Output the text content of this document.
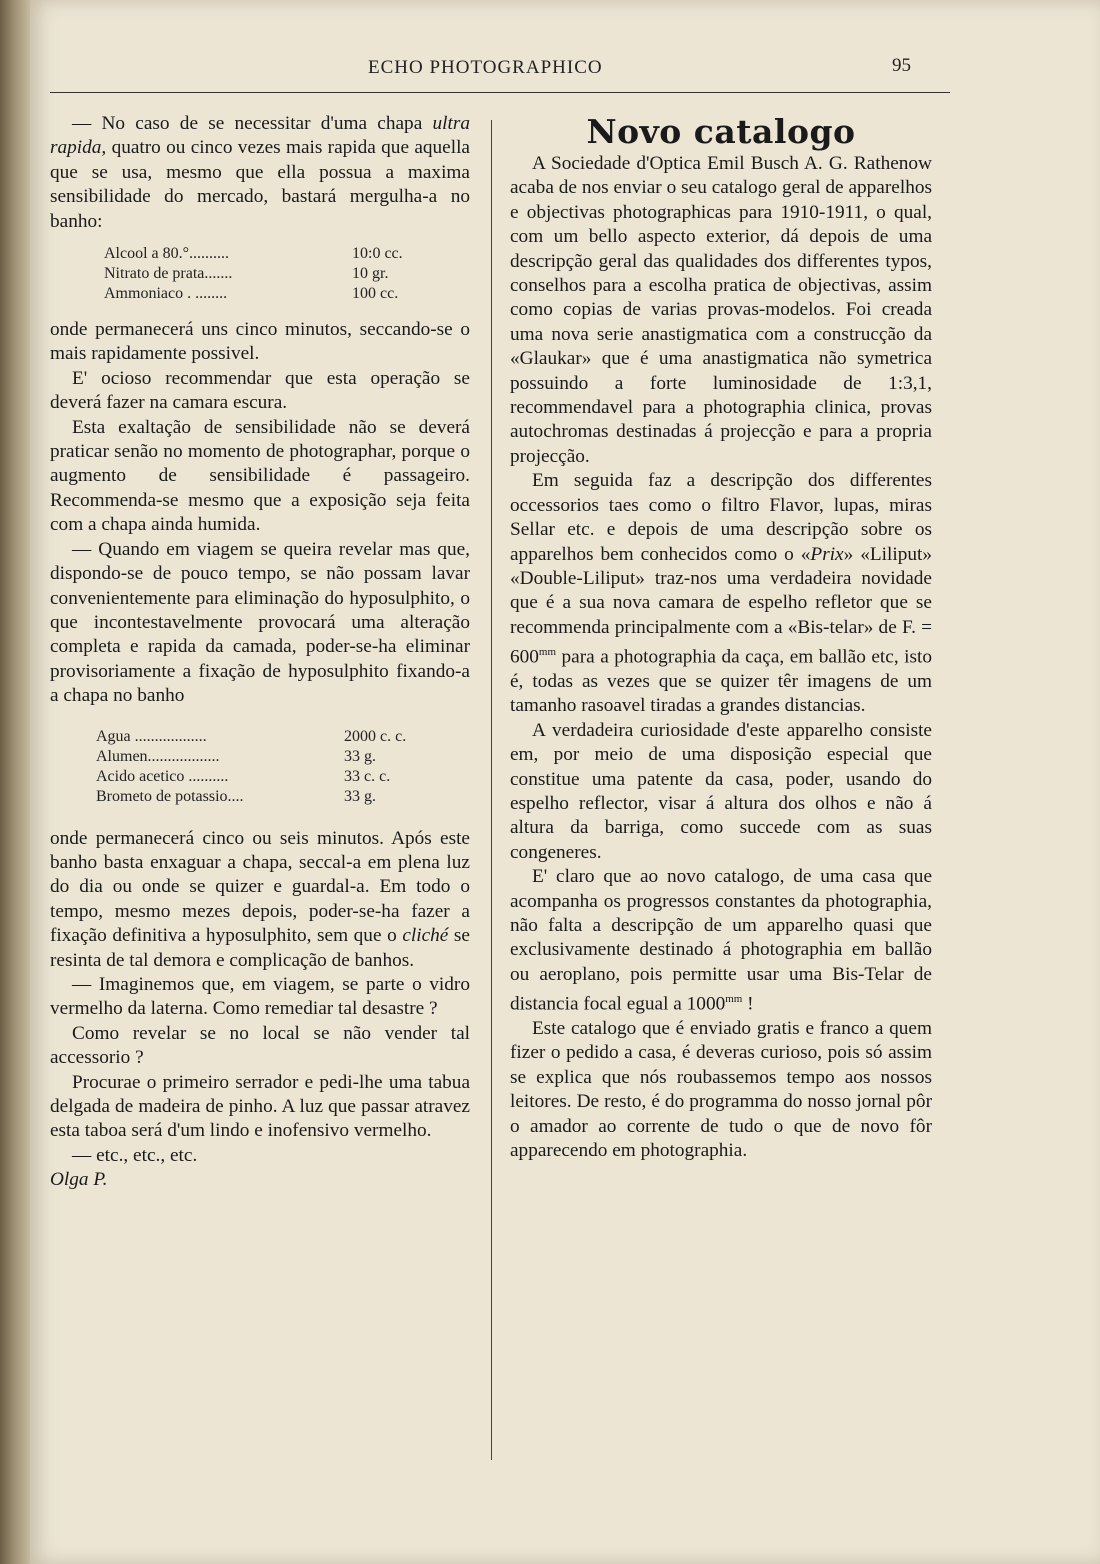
ECHO PHOTOGRAPHICO	95

— No caso de se necessitar d'uma chapa ultra rapida, quatro ou cinco vezes mais rapida que aquella que se usa, mesmo que ella possua a maxima sensibilidade do mercado, bastará mergulha-a no banho:

Alcool a 80.°..........	10:0 cc.
Nitrato de prata.......	10 gr.
Ammoniaco . ........	100 cc.

onde permanecerá uns cinco minutos, seccando-se o mais rapidamente possivel.

E' ocioso recommendar que esta operação se deverá fazer na camara escura.

Esta exaltação de sensibilidade não se deverá praticar senão no momento de photographar, porque o augmento de sensibilidade é passageiro. Recommenda-se mesmo que a exposição seja feita com a chapa ainda humida.

— Quando em viagem se queira revelar mas que, dispondo-se de pouco tempo, se não possam lavar convenientemente para eliminação do hyposulphito, o que incontestavelmente provocará uma alteração completa e rapida da camada, poder-se-ha eliminar provisoriamente a fixação de hyposulphito fixando-a a chapa no banho

Agua ..................	2000 c. c.
Alumen..................	33 g.
Acido acetico ..........	33 c. c.
Brometo de potassio....	33 g.

onde permanecerá cinco ou seis minutos. Após este banho basta enxaguar a chapa, seccal-a em plena luz do dia ou onde se quizer e guardal-a. Em todo o tempo, mesmo mezes depois, poder-se-ha fazer a fixação definitiva a hyposulphito, sem que o cliché se resinta de tal demora e complicação de banhos.

— Imaginemos que, em viagem, se parte o vidro vermelho da laterna. Como remediar tal desastre ?

Como revelar se no local se não vender tal accessorio ?

Procurae o primeiro serrador e pedi-lhe uma tabua delgada de madeira de pinho. A luz que passar atravez esta taboa será d'um lindo e inofensivo vermelho.

— etc., etc., etc.

Olga P.

Novo catalogo

A Sociedade d'Optica Emil Busch A. G. Rathenow acaba de nos enviar o seu catalogo geral de apparelhos e objectivas photographicas para 1910-1911, o qual, com um bello aspecto exterior, dá depois de uma descripção geral das qualidades dos differentes typos, conselhos para a escolha pratica de objectivas, assim como copias de varias provas-modelos. Foi creada uma nova serie anastigmatica com a construcção da «Glaukar» que é uma anastigmatica não symetrica possuindo a forte luminosidade de 1:3,1, recommendavel para a photographia clinica, provas autochromas destinadas á projecção e para a propria projecção.

Em seguida faz a descripção dos differentes occessorios taes como o filtro Flavor, lupas, miras Sellar etc. e depois de uma descripção sobre os apparelhos bem conhecidos como o «Prix» «Liliput» «Double-Liliput» traz-nos uma verdadeira novidade que é a sua nova camara de espelho refletor que se recommenda principalmente com a «Bis-telar» de F. = $600^{mm}$ para a photographia da caça, em ballão etc, isto é, todas as vezes que se quizer têr imagens de um tamanho rasoavel tiradas a grandes distancias.

A verdadeira curiosidade d'este apparelho consiste em, por meio de uma disposição especial que constitue uma patente da casa, poder, usando do espelho reflector, visar á altura dos olhos e não á altura da barriga, como succede com as suas congeneres.

E' claro que ao novo catalogo, de uma casa que acompanha os progressos constantes da photographia, não falta a descripção de um apparelho quasi que exclusivamente destinado á photographia em ballão ou aeroplano, pois permitte usar uma Bis-Telar de distancia focal egual a $1000^{mm}$ !

Este catalogo que é enviado gratis e franco a quem fizer o pedido a casa, é deveras curioso, pois só assim se explica que nós roubassemos tempo aos nossos leitores. De resto, é do programma do nosso jornal pôr o amador ao corrente de tudo o que de novo fôr apparecendo em photographia.
